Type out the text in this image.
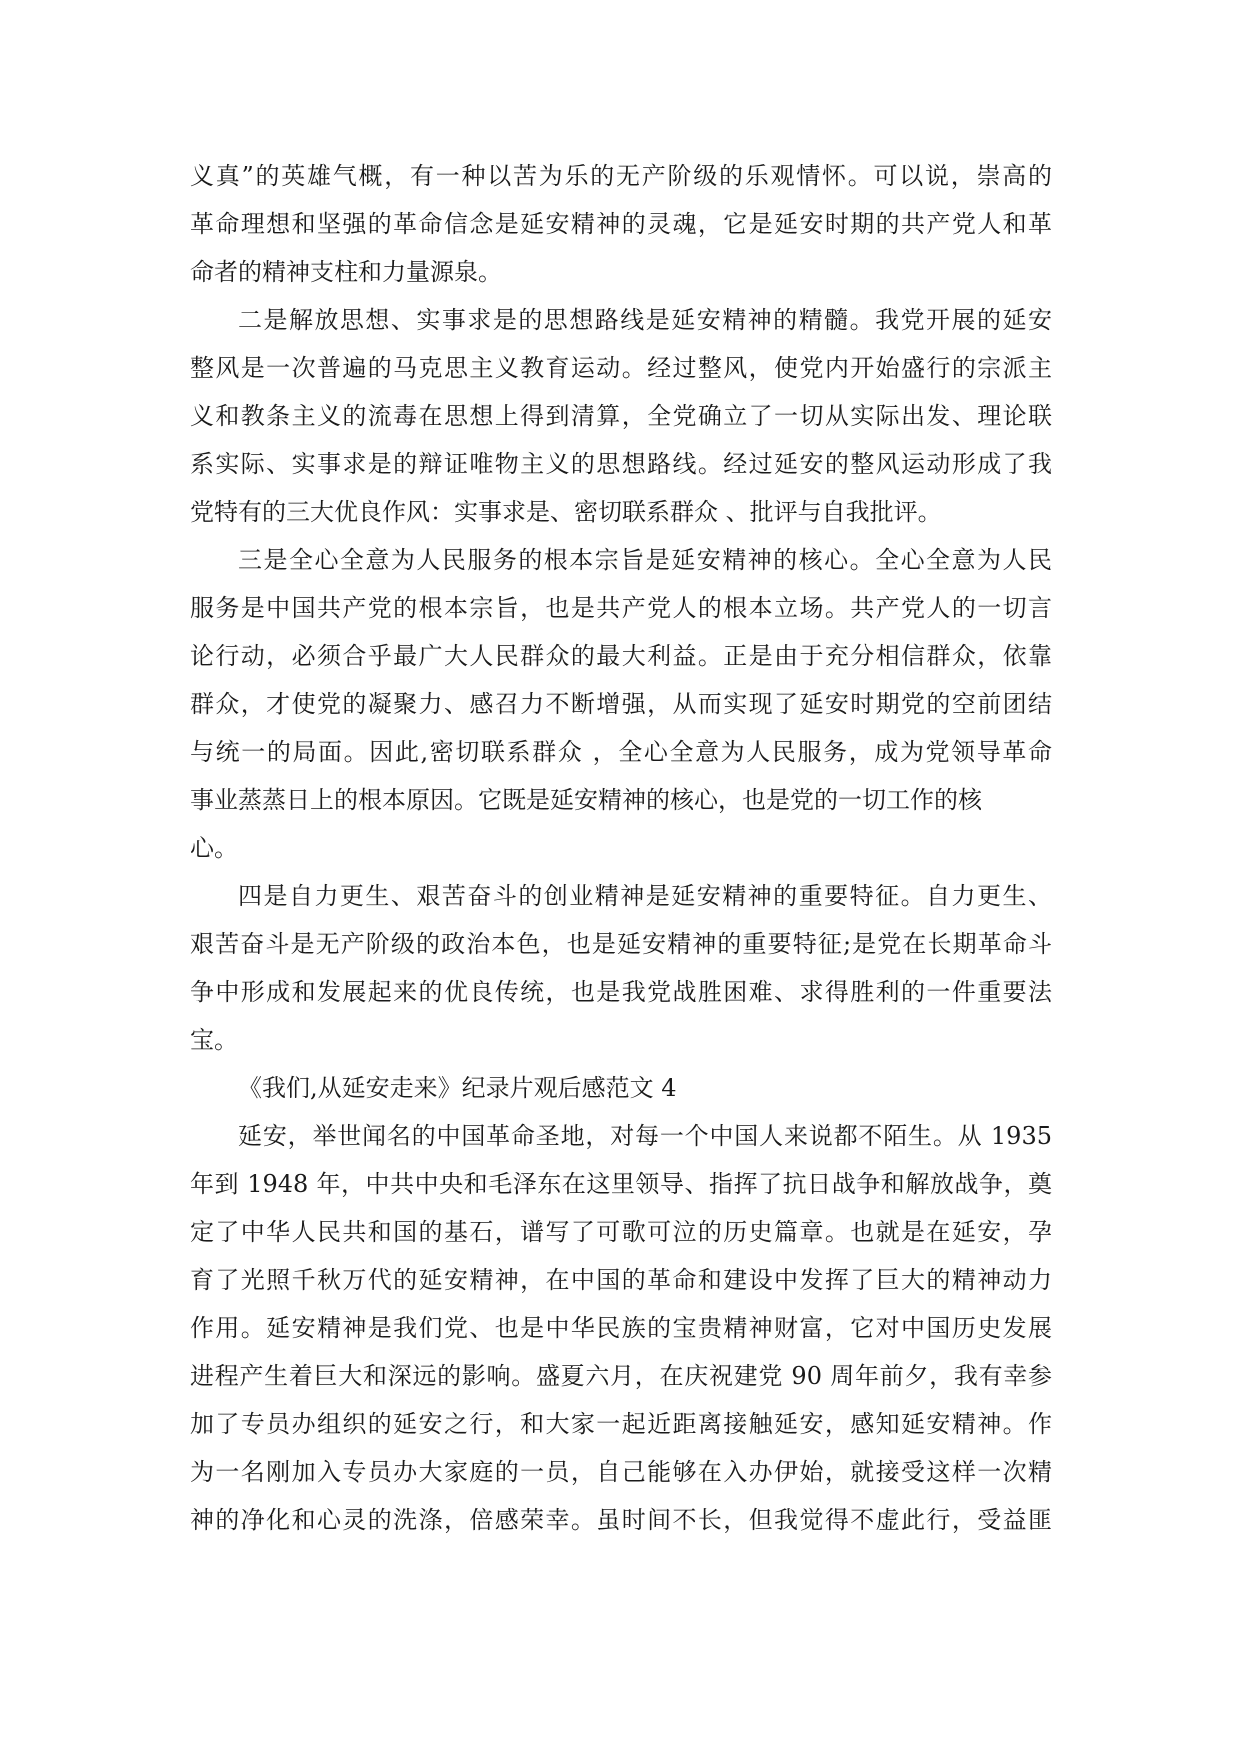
义真”的英雄气概，有一种以苦为乐的无产阶级的乐观情怀。可以说，崇高的
革命理想和坚强的革命信念是延安精神的灵魂，它是延安时期的共产党人和革
命者的精神支柱和力量源泉。
二是解放思想、实事求是的思想路线是延安精神的精髓。我党开展的延安
整风是一次普遍的马克思主义教育运动。经过整风，使党内开始盛行的宗派主
义和教条主义的流毒在思想上得到清算，全党确立了一切从实际出发、理论联
系实际、实事求是的辩证唯物主义的思想路线。经过延安的整风运动形成了我
党特有的三大优良作风：实事求是、密切联系群众 、批评与自我批评。
三是全心全意为人民服务的根本宗旨是延安精神的核心。全心全意为人民
服务是中国共产党的根本宗旨，也是共产党人的根本立场。共产党人的一切言
论行动，必须合乎最广大人民群众的最大利益。正是由于充分相信群众，依靠
群众，才使党的凝聚力、感召力不断增强，从而实现了延安时期党的空前团结
与统一的局面。因此,密切联系群众 ，全心全意为人民服务，成为党领导革命
事业蒸蒸日上的根本原因。它既是延安精神的核心，也是党的一切工作的核
心。
四是自力更生、艰苦奋斗的创业精神是延安精神的重要特征。自力更生、
艰苦奋斗是无产阶级的政治本色，也是延安精神的重要特征;是党在长期革命斗
争中形成和发展起来的优良传统，也是我党战胜困难、求得胜利的一件重要法
宝。
《我们,从延安走来》纪录片观后感范文 4
延安，举世闻名的中国革命圣地，对每一个中国人来说都不陌生。从 1935
年到 1948 年，中共中央和毛泽东在这里领导、指挥了抗日战争和解放战争，奠
定了中华人民共和国的基石，谱写了可歌可泣的历史篇章。也就是在延安，孕
育了光照千秋万代的延安精神，在中国的革命和建设中发挥了巨大的精神动力
作用。延安精神是我们党、也是中华民族的宝贵精神财富，它对中国历史发展
进程产生着巨大和深远的影响。盛夏六月，在庆祝建党 90 周年前夕，我有幸参
加了专员办组织的延安之行，和大家一起近距离接触延安，感知延安精神。作
为一名刚加入专员办大家庭的一员，自己能够在入办伊始，就接受这样一次精
神的净化和心灵的洗涤，倍感荣幸。虽时间不长，但我觉得不虚此行，受益匪
